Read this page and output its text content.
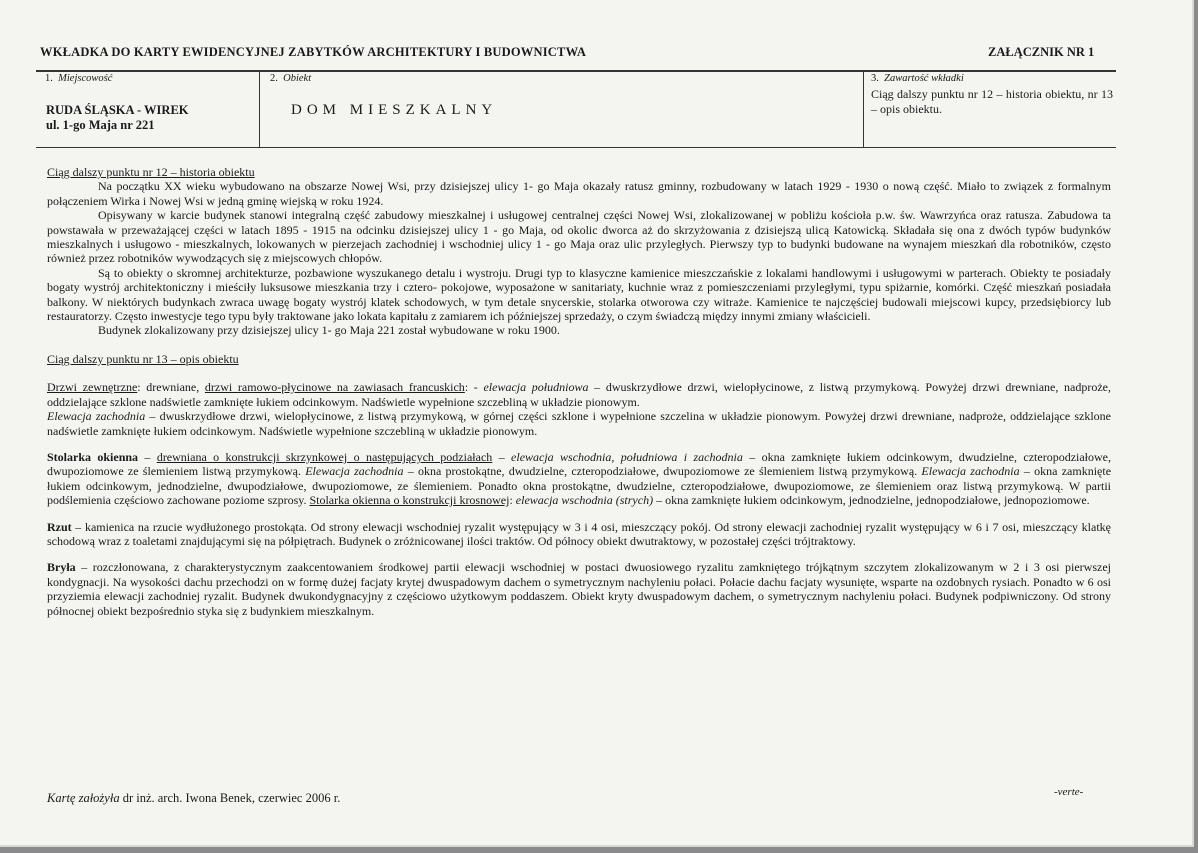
WKŁADKA DO KARTY EWIDENCYJNEJ ZABYTKÓW ARCHITEKTURY I BUDOWNICTWA	ZAŁĄCZNIK NR 1
1. Miejscowość
RUDA ŚLĄSKA - WIREK
ul. 1-go Maja nr 221
2. Obiekt
DOM MIESZKALNY
3. Zawartość wkładki
Ciąg dalszy punktu nr 12 – historia obiektu, nr 13 – opis obiektu.

Ciąg dalszy punktu nr 12 – historia obiektu

Na początku XX wieku wybudowano na obszarze Nowej Wsi, przy dzisiejszej ulicy 1- go Maja okazały ratusz gminny, rozbudowany w latach 1929 - 1930 o nową część. Miało to związek z formalnym połączeniem Wirka i Nowej Wsi w jedną gminę wiejską w roku 1924.

Opisywany w karcie budynek stanowi integralną część zabudowy mieszkalnej i usługowej centralnej części Nowej Wsi, zlokalizowanej w pobliżu kościoła p.w. św. Wawrzyńca oraz ratusza. Zabudowa ta powstawała w przeważającej części w latach 1895 - 1915 na odcinku dzisiejszej ulicy 1 - go Maja, od okolic dworca aż do skrzyżowania z dzisiejszą ulicą Katowicką. Składała się ona z dwóch typów budynków mieszkalnych i usługowo - mieszkalnych, lokowanych w pierzejach zachodniej i wschodniej ulicy 1 - go Maja oraz ulic przyległych. Pierwszy typ to budynki budowane na wynajem mieszkań dla robotników, często również przez robotników wywodzących się z miejscowych chłopów.

Są to obiekty o skromnej architekturze, pozbawione wyszukanego detalu i wystroju. Drugi typ to klasyczne kamienice mieszczańskie z lokalami handlowymi i usługowymi w parterach. Obiekty te posiadały bogaty wystrój architektoniczny i mieściły luksusowe mieszkania trzy i cztero- pokojowe, wyposażone w sanitariaty, kuchnie wraz z pomieszczeniami przyległymi, typu spiżarnie, komórki. Część mieszkań posiadała balkony. W niektórych budynkach zwraca uwagę bogaty wystrój klatek schodowych, w tym detale snycerskie, stolarka otworowa czy witraże. Kamienice te najczęściej budowali miejscowi kupcy, przedsiębiorcy lub restauratorzy. Często inwestycje tego typu były traktowane jako lokata kapitału z zamiarem ich późniejszej sprzedaży, o czym świadczą między innymi zmiany właścicieli.

Budynek zlokalizowany przy dzisiejszej ulicy 1- go Maja 221 został wybudowane w roku 1900.

Ciąg dalszy punktu nr 13 – opis obiektu

Drzwi zewnętrzne: drewniane, drzwi ramowo-płycinowe na zawiasach francuskich: - elewacja południowa – dwuskrzydłowe drzwi, wielopłycinowe, z listwą przymykową. Powyżej drzwi drewniane, nadproże, oddzielające szklone nadświetle zamknięte łukiem odcinkowym. Nadświetle wypełnione szczebliną w układzie pionowym.

Elewacja zachodnia – dwuskrzydłowe drzwi, wielopłycinowe, z listwą przymykową, w górnej części szklone i wypełnione szczelina w układzie pionowym. Powyżej drzwi drewniane, nadproże, oddzielające szklone nadświetle zamknięte łukiem odcinkowym. Nadświetle wypełnione szczebliną w układzie pionowym.

Stolarka okienna – drewniana o konstrukcji skrzynkowej o następujących podziałach – elewacja wschodnia, południowa i zachodnia – okna zamknięte łukiem odcinkowym, dwudzielne, czteropodziałowe, dwupoziomowe ze ślemieniem listwą przymykową. Elewacja zachodnia – okna prostokątne, dwudzielne, czteropodziałowe, dwupoziomowe ze ślemieniem listwą przymykową. Elewacja zachodnia – okna zamknięte łukiem odcinkowym, jednodzielne, dwupodziałowe, dwupoziomowe, ze ślemieniem. Ponadto okna prostokątne, dwudzielne, czteropodziałowe, dwupoziomowe, ze ślemieniem oraz listwą przymykową. W partii podślemienia częściowo zachowane poziome szprosy. Stolarka okienna o konstrukcji krosnowej: elewacja wschodnia (strych) – okna zamknięte łukiem odcinkowym, jednodzielne, jednopodziałowe, jednopoziomowe.

Rzut – kamienica na rzucie wydłużonego prostokąta. Od strony elewacji wschodniej ryzalit występujący w 3 i 4 osi, mieszczący pokój. Od strony elewacji zachodniej ryzalit występujący w 6 i 7 osi, mieszczący klatkę schodową wraz z toaletami znajdującymi się na półpiętrach. Budynek o zróżnicowanej ilości traktów. Od północy obiekt dwutraktowy, w pozostałej części trójtraktowy.

Bryła – rozczłonowana, z charakterystycznym zaakcentowaniem środkowej partii elewacji wschodniej w postaci dwuosiowego ryzalitu zamkniętego trójkątnym szczytem zlokalizowanym w 2 i 3 osi pierwszej kondygnacji. Na wysokości dachu przechodzi on w formę dużej facjaty krytej dwuspadowym dachem o symetrycznym nachyleniu połaci. Połacie dachu facjaty wysunięte, wsparte na ozdobnych rysiach. Ponadto w 6 osi przyziemia elewacji zachodniej ryzalit. Budynek dwukondygnacyjny z częściowo użytkowym poddaszem. Obiekt kryty dwuspadowym dachem, o symetrycznym nachyleniu połaci. Budynek podpiwniczony. Od strony północnej obiekt bezpośrednio styka się z budynkiem mieszkalnym.

Kartę założyła dr inż. arch. Iwona Benek, czerwiec 2006 r.	-verte-
